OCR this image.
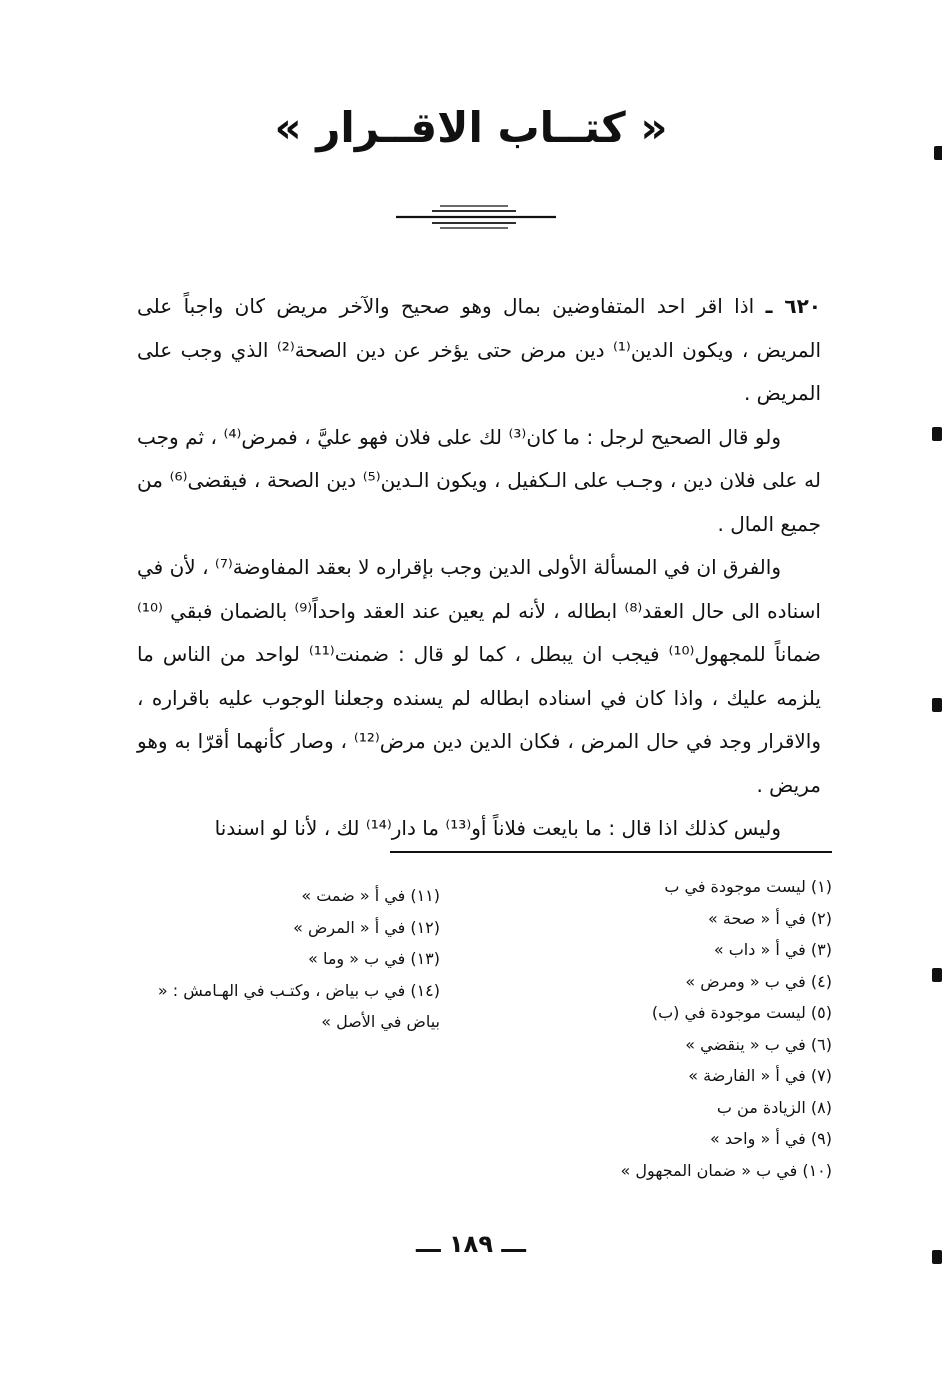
« كتــاب الاقــرار »

٦٢٠ ـ اذا اقر احد المتفاوضين بمال وهو صحيح والآخر مريض كان واجباً على المريض ، ويكون الدين⁽¹⁾ دين مرض حتى يؤخر عن دين الصحة⁽²⁾ الذي وجب على المريض .

ولو قال الصحيح لرجل : ما كان⁽³⁾ لك على فلان فهو عليَّ ، فمرض⁽⁴⁾ ، ثم وجب له على فلان دين ، وجـب على الـكفيل ، ويكون الـدين⁽⁵⁾ دين الصحة ، فيقضى⁽⁶⁾ من جميع المال .

والفرق ان في المسألة الأولى الدين وجب بإقراره لا بعقد المفاوضة⁽⁷⁾ ، لأن في اسناده الى حال العقد⁽⁸⁾ ابطاله ، لأنه لم يعين عند العقد واحداً⁽⁹⁾ بالضمان فبقي ⁽¹⁰⁾ضماناً للمجهول⁽¹⁰⁾ فيجب ان يبطل ، كما لو قال : ضمنت⁽¹¹⁾ لواحد من الناس ما يلزمه عليك ، واذا كان في اسناده ابطاله لم يسنده وجعلنا الوجوب عليه باقراره ، والاقرار وجد في حال المرض ، فكان الدين دين مرض⁽¹²⁾ ، وصار كأنهما أقرّا به وهو مريض .

وليس كذلك اذا قال : ما بايعت فلاناً أو⁽¹³⁾ ما دار⁽¹⁴⁾ لك ، لأنا لو اسندنا

(١) ليست موجودة في ب
(٢) في أ « صحة »
(٣) في أ « داب »
(٤) في ب « ومرض »
(٥) ليست موجودة في (ب)
(٦) في ب « ينقضي »
(٧) في أ « الفارضة »
(٨) الزيادة من ب
(٩) في أ « واحد »
(١٠) في ب « ضمان المجهول »
(١١) في أ « ضمت »
(١٢) في أ « المرض »
(١٣) في ب « وما »
(١٤) في ب بياض ، وكتـب في الهـامش : « بياض في الأصل »
ـــ ١٨٩ ـــ
